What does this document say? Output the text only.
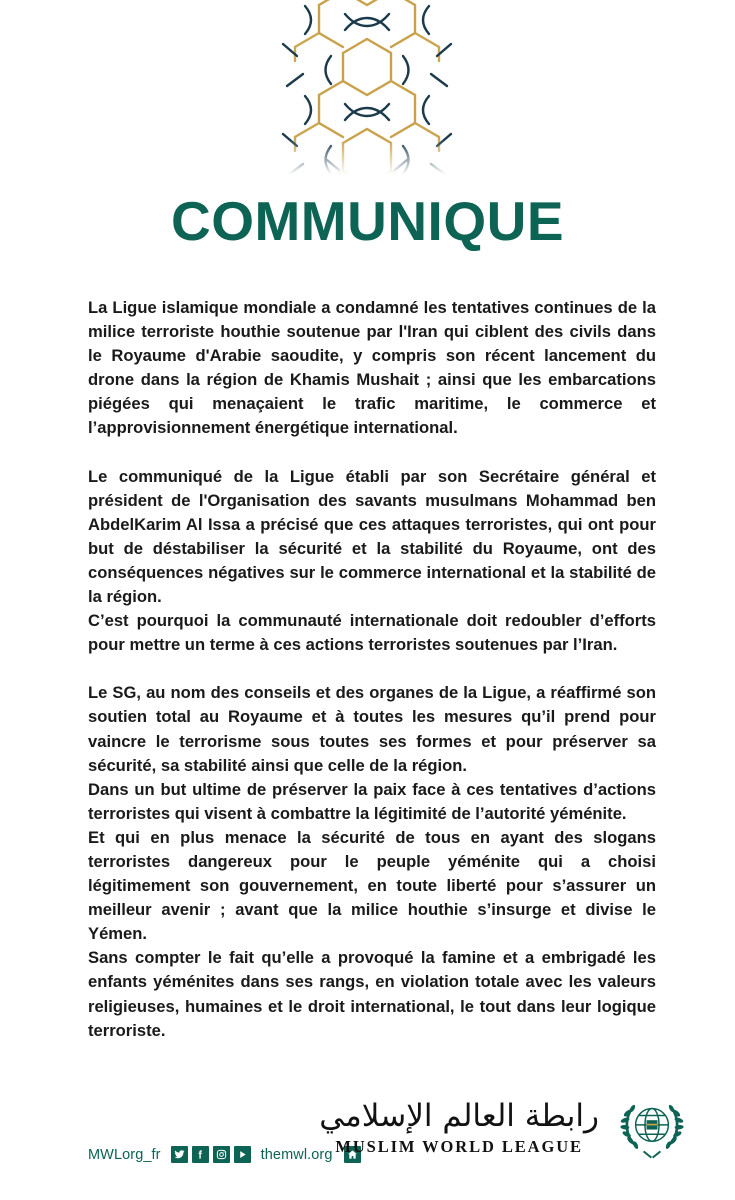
COMMUNIQUE

La Ligue islamique mondiale a condamné les tentatives continues de la milice terroriste houthie soutenue par l'Iran qui ciblent des civils dans le Royaume d'Arabie saoudite, y compris son récent lancement du drone dans la région de Khamis Mushait ; ainsi que les embarcations piégées qui menaçaient le trafic maritime, le commerce et l’approvisionnement énergétique international.

Le communiqué de la Ligue établi par son Secrétaire général et président de l'Organisation des savants musulmans Mohammad ben AbdelKarim Al Issa a précisé que ces attaques terroristes, qui ont pour but de déstabiliser la sécurité et la stabilité du Royaume, ont des conséquences négatives sur le commerce international et la stabilité de la région.

C’est pourquoi la communauté internationale doit redoubler d’efforts pour mettre un terme à ces actions terroristes soutenues par l’Iran.

Le SG, au nom des conseils et des organes de la Ligue, a réaffirmé son soutien total au Royaume et à toutes les mesures qu’il prend pour vaincre le terrorisme sous toutes ses formes et pour préserver sa sécurité, sa stabilité ainsi que celle de la région.

Dans un but ultime de préserver la paix face à ces tentatives d’actions terroristes qui visent à combattre la légitimité de l’autorité yéménite.

Et qui en plus menace la sécurité de tous en ayant des slogans terroristes dangereux pour le peuple yéménite qui a choisi légitimement son gouvernement, en toute liberté pour s’assurer un meilleur avenir ; avant que la milice houthie s’insurge et divise le Yémen.

Sans compter le fait qu’elle a provoqué la famine et a embrigadé les enfants yéménites dans ses rangs, en violation totale avec les valeurs religieuses, humaines et le droit international, le tout dans leur logique terroriste.

MWLorg_fr	themwl.org
رابطة العالم الإسلامي
MUSLIM WORLD LEAGUE
